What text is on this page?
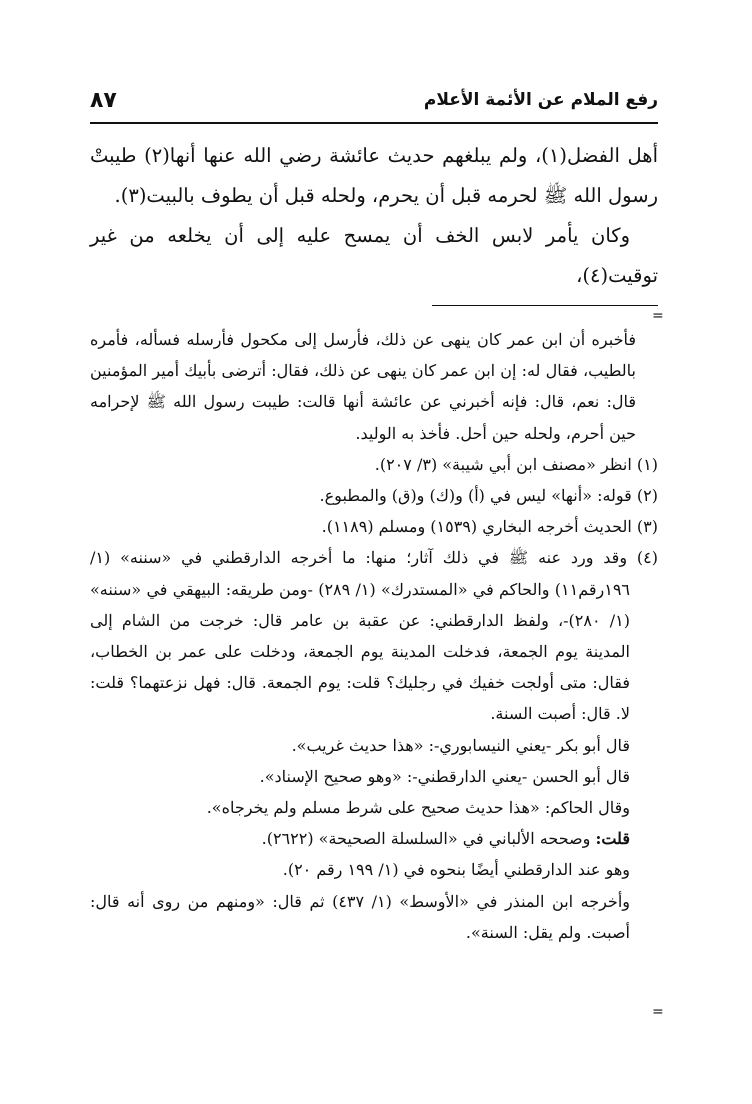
رفع الملام عن الأئمة الأعلام
٨٧

أهل الفضل(١)، ولم يبلغهم حديث عائشة رضي الله عنها أنها(٢) طيبتْ رسول الله ﷺ لحرمه قبل أن يحرم، ولحله قبل أن يطوف بالبيت(٣).

وكان يأمر لابس الخف أن يمسح عليه إلى أن يخلعه من غير توقيت(٤)،

=

فأخبره أن ابن عمر كان ينهى عن ذلك، فأرسل إلى مكحول فأرسله فسأله، فأمره بالطيب، فقال له: إن ابن عمر كان ينهى عن ذلك، فقال: أترضى بأبيك أمير المؤمنين قال: نعم، قال: فإنه أخبرني عن عائشة أنها قالت: طيبت رسول الله ﷺ لإحرامه حين أحرم، ولحله حين أحل. فأخذ به الوليد.

(١) انظر «مصنف ابن أبي شيبة» (٣/ ٢٠٧).

(٢) قوله: «أنها» ليس في (أ) و(ك) و(ق) والمطبوع.

(٣) الحديث أخرجه البخاري (١٥٣٩) ومسلم (١١٨٩).

(٤) وقد ورد عنه ﷺ في ذلك آثار؛ منها: ما أخرجه الدارقطني في «سننه» (١/ ١٩٦رقم١١) والحاكم في «المستدرك» (١/ ٢٨٩) -ومن طريقه: البيهقي في «سننه» (١/ ٢٨٠)-، ولفظ الدارقطني: عن عقبة بن عامر قال: خرجت من الشام إلى المدينة يوم الجمعة، فدخلت المدينة يوم الجمعة، ودخلت على عمر بن الخطاب، فقال: متى أولجت خفيك في رجليك؟ قلت: يوم الجمعة. قال: فهل نزعتهما؟ قلت: لا. قال: أصبت السنة.

قال أبو بكر -يعني النيسابوري-: «هذا حديث غريب».

قال أبو الحسن -يعني الدارقطني-: «وهو صحيح الإسناد».

وقال الحاكم: «هذا حديث صحيح على شرط مسلم ولم يخرجاه».

قلت: وصححه الألباني في «السلسلة الصحيحة» (٢٦٢٢).

وهو عند الدارقطني أيضًا بنحوه في (١/ ١٩٩ رقم ٢٠).

وأخرجه ابن المنذر في «الأوسط» (١/ ٤٣٧) ثم قال: «ومنهم من روى أنه قال: أصبت. ولم يقل: السنة».

=
